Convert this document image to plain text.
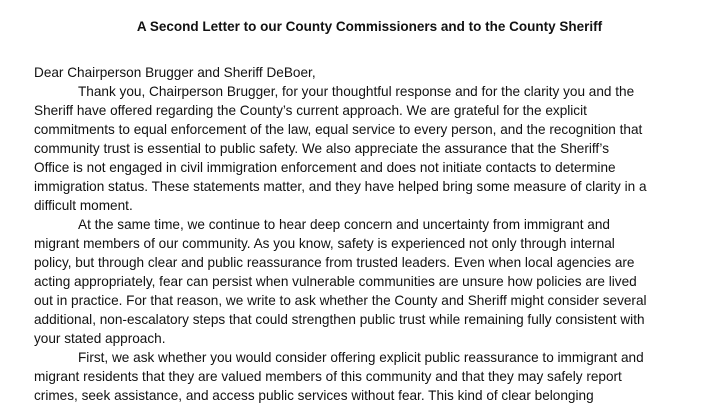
A Second Letter to our County Commissioners and to the County Sheriff
Dear Chairperson Brugger and Sheriff DeBoer,

Thank you, Chairperson Brugger, for your thoughtful response and for the clarity you and the
Sheriff have offered regarding the County’s current approach. We are grateful for the explicit
commitments to equal enforcement of the law, equal service to every person, and the recognition that
community trust is essential to public safety. We also appreciate the assurance that the Sheriff’s
Office is not engaged in civil immigration enforcement and does not initiate contacts to determine
immigration status. These statements matter, and they have helped bring some measure of clarity in a
difficult moment.

At the same time, we continue to hear deep concern and uncertainty from immigrant and
migrant members of our community. As you know, safety is experienced not only through internal
policy, but through clear and public reassurance from trusted leaders. Even when local agencies are
acting appropriately, fear can persist when vulnerable communities are unsure how policies are lived
out in practice. For that reason, we write to ask whether the County and Sheriff might consider several
additional, non-escalatory steps that could strengthen public trust while remaining fully consistent with
your stated approach.

First, we ask whether you would consider offering explicit public reassurance to immigrant and
migrant residents that they are valued members of this community and that they may safely report
crimes, seek assistance, and access public services without fear. This kind of clear belonging
